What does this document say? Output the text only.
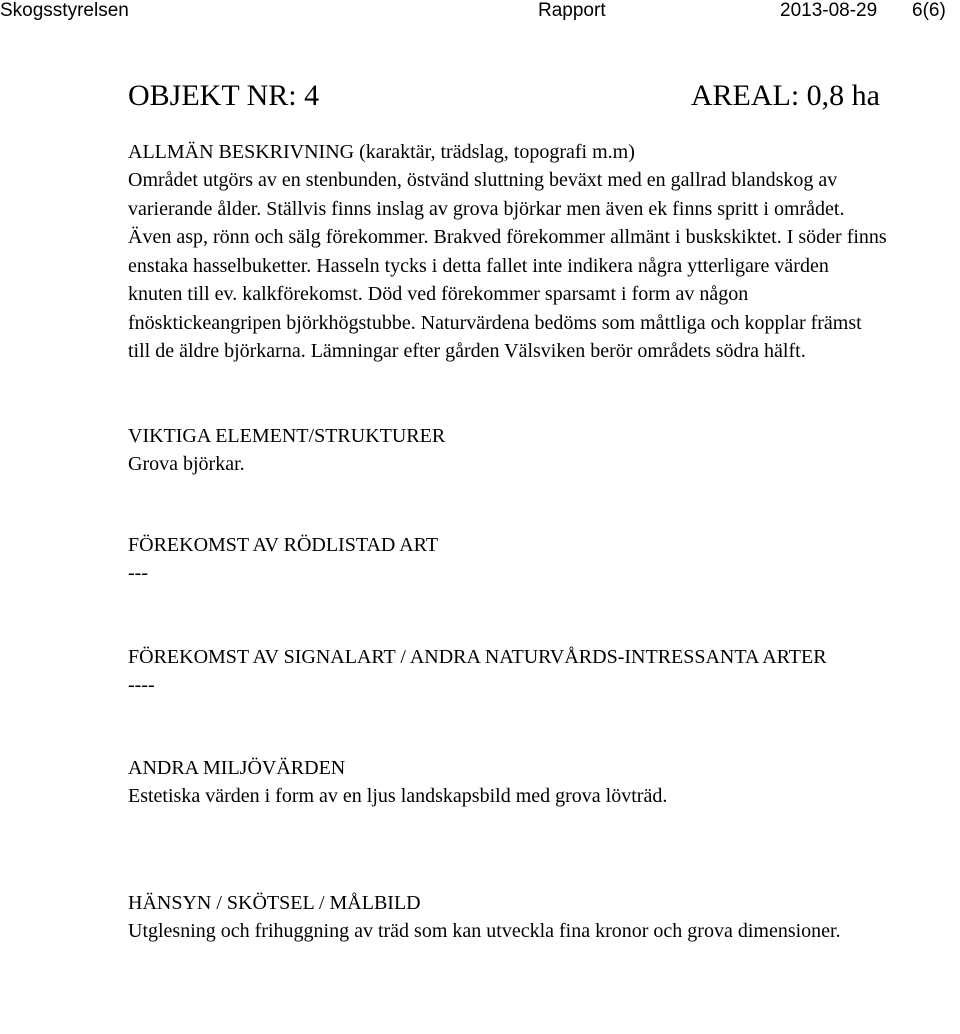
Skogsstyrelsen	Rapport	2013-08-29 6(6)
OBJEKT NR: 4	AREAL: 0,8 ha
ALLMÄN BESKRIVNING (karaktär, trädslag, topografi m.m)

Området utgörs av en stenbunden, östvänd sluttning beväxt med en gallrad blandskog av varierande ålder. Ställvis finns inslag av grova björkar men även ek finns spritt i området. Även asp, rönn och sälg förekommer. Brakved förekommer allmänt i buskskiktet. I söder finns enstaka hasselbuketter. Hasseln tycks i detta fallet inte indikera några ytterligare värden knuten till ev. kalkförekomst. Död ved förekommer sparsamt i form av någon fnösktickeangripen björkhögstubbe. Naturvärdena bedöms som måttliga och kopplar främst till de äldre björkarna. Lämningar efter gården Välsviken berör områdets södra hälft.

VIKTIGA ELEMENT/STRUKTURER

Grova björkar.

FÖREKOMST AV RÖDLISTAD ART

---

FÖREKOMST AV SIGNALART / ANDRA NATURVÅRDS-INTRESSANTA ARTER

----

ANDRA MILJÖVÄRDEN

Estetiska värden i form av en ljus landskapsbild med grova lövträd.

HÄNSYN / SKÖTSEL / MÅLBILD

Utglesning och frihuggning av träd som kan utveckla fina kronor och grova dimensioner.
